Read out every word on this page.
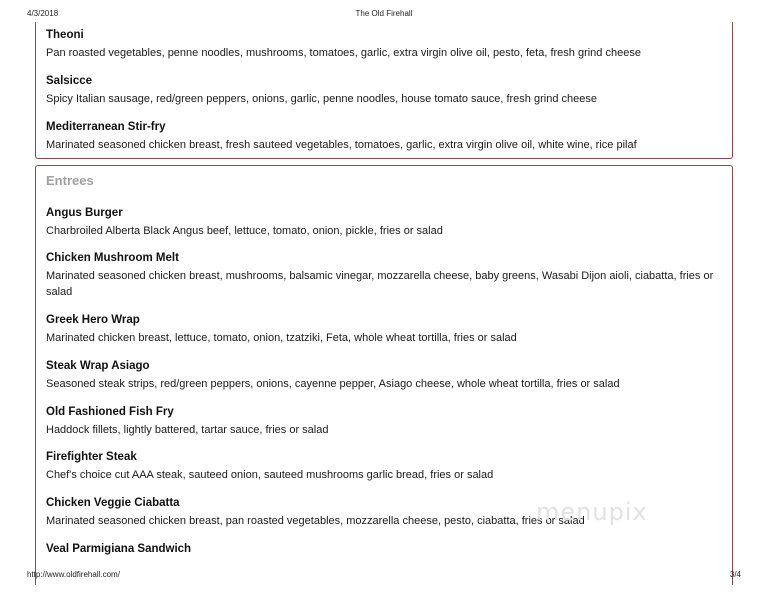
4/3/2018	The Old Firehall
Theoni
Pan roasted vegetables, penne noodles, mushrooms, tomatoes, garlic, extra virgin olive oil, pesto, feta, fresh grind cheese
Salsicce
Spicy Italian sausage, red/green peppers, onions, garlic, penne noodles, house tomato sauce, fresh grind cheese
Mediterranean Stir-fry
Marinated seasoned chicken breast, fresh sauteed vegetables, tomatoes, garlic, extra virgin olive oil, white wine, rice pilaf
Entrees
Angus Burger
Charbroiled Alberta Black Angus beef, lettuce, tomato, onion, pickle, fries or salad
Chicken Mushroom Melt
Marinated seasoned chicken breast, mushrooms, balsamic vinegar, mozzarella cheese, baby greens, Wasabi Dijon aioli, ciabatta, fries or salad
Greek Hero Wrap
Marinated chicken breast, lettuce, tomato, onion, tzatziki, Feta, whole wheat tortilla, fries or salad
Steak Wrap Asiago
Seasoned steak strips, red/green peppers, onions, cayenne pepper, Asiago cheese, whole wheat tortilla, fries or salad
Old Fashioned Fish Fry
Haddock fillets, lightly battered, tartar sauce, fries or salad
Firefighter Steak
Chef's choice cut AAA steak, sauteed onion, sauteed mushrooms garlic bread, fries or salad
Chicken Veggie Ciabatta
Marinated seasoned chicken breast, pan roasted vegetables, mozzarella cheese, pesto, ciabatta, fries or salad
Veal Parmigiana Sandwich
menupix
http://www.oldfirehall.com/	3/4
